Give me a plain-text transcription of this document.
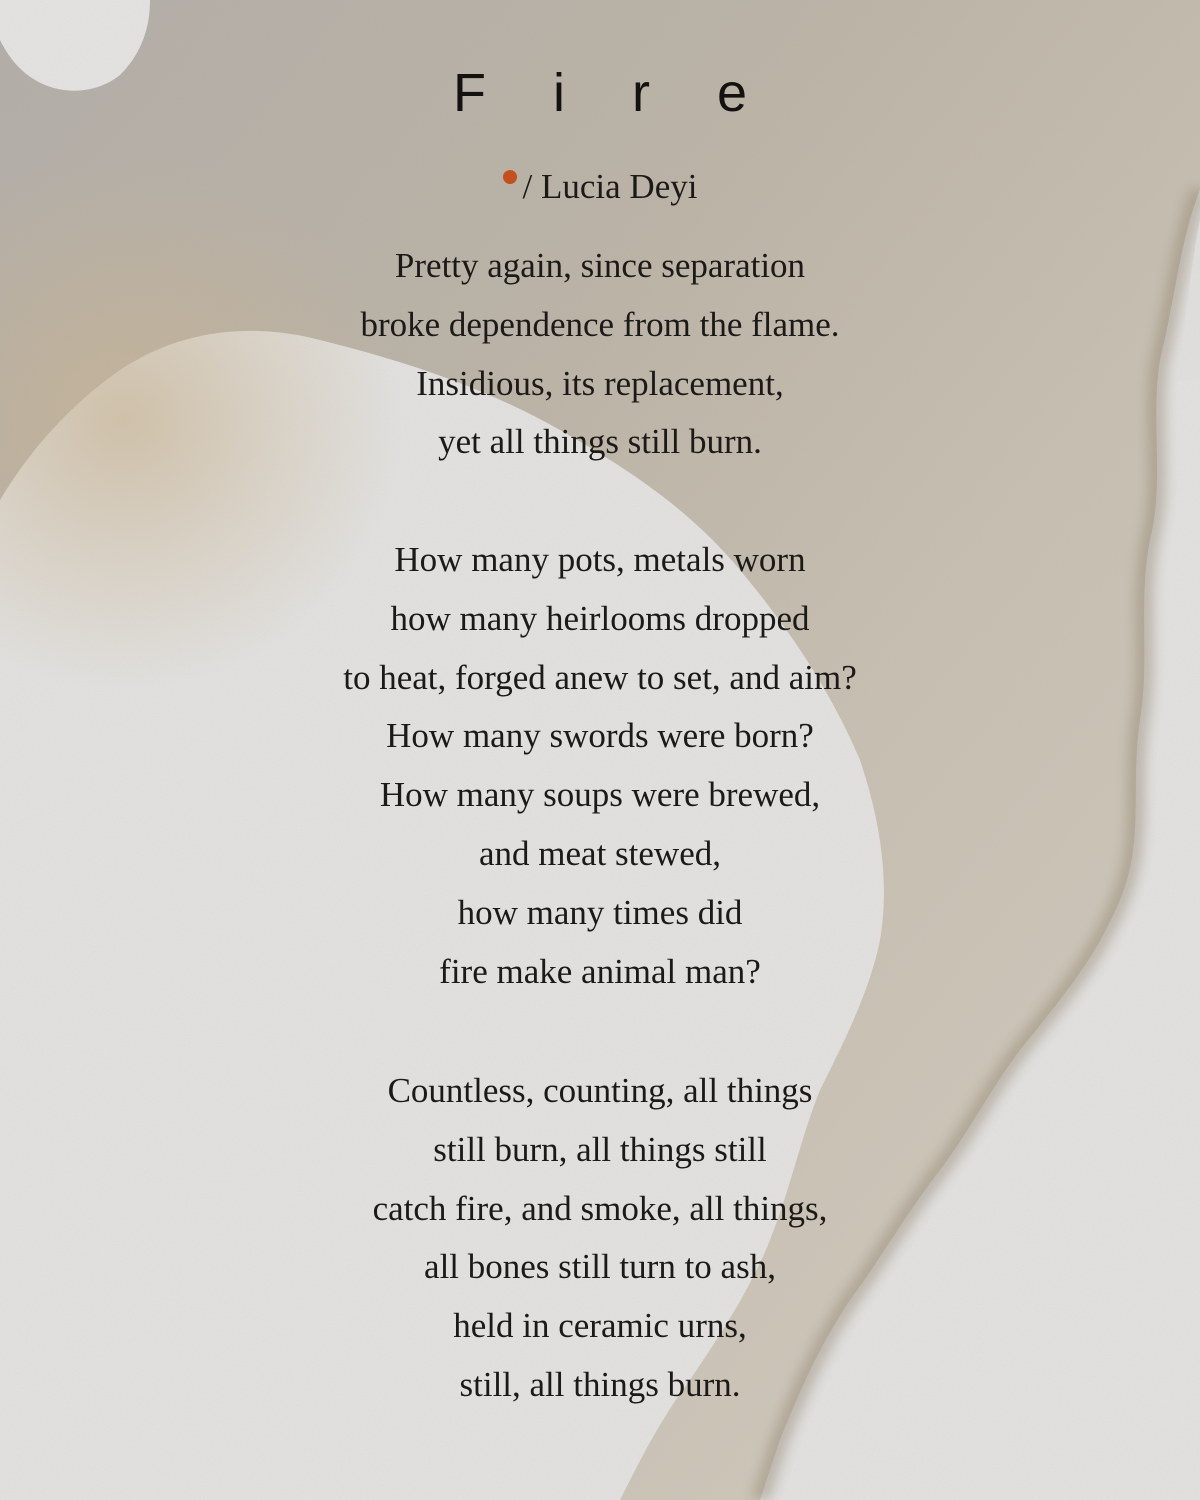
F i r e
/ Lucia Deyi
Pretty again, since separation
broke dependence from the flame.
Insidious, its replacement,
yet all things still burn.
How many pots, metals worn
how many heirlooms dropped
to heat, forged anew to set, and aim?
How many swords were born?
How many soups were brewed,
and meat stewed,
how many times did
fire make animal man?
Countless, counting, all things
still burn, all things still
catch fire, and smoke, all things,
all bones still turn to ash,
held in ceramic urns,
still, all things burn.
